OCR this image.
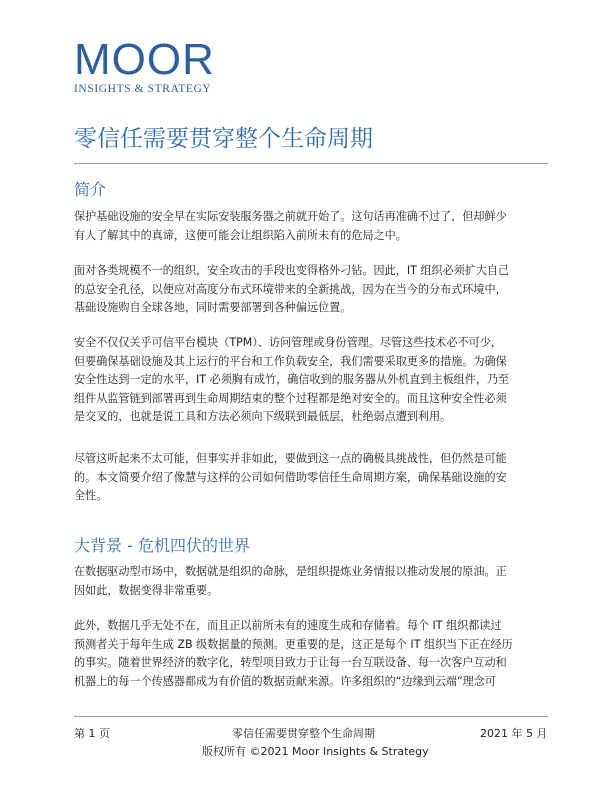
MOOR
INSIGHTS & STRATEGY
零信任需要贯穿整个生命周期
简介
保护基础设施的安全早在实际安装服务器之前就开始了。这句话再准确不过了，但却鲜少
有人了解其中的真谛，这便可能会让组织陷入前所未有的危局之中。
面对各类规模不一的组织，安全攻击的手段也变得格外刁钻。因此，IT 组织必须扩大自己
的总安全孔径，以便应对高度分布式环境带来的全新挑战，因为在当今的分布式环境中，
基础设施购自全球各地，同时需要部署到各种偏远位置。
安全不仅仅关乎可信平台模块（TPM）、访问管理或身份管理。尽管这些技术必不可少，
但要确保基础设施及其上运行的平台和工作负载安全，我们需要采取更多的措施。为确保
安全性达到一定的水平，IT 必须胸有成竹，确信收到的服务器从外机直到主板组件，乃至
组件从监管链到部署再到生命周期结束的整个过程都是绝对安全的。而且这种安全性必须
是交叉的，也就是说工具和方法必须向下级联到最低层，杜绝弱点遭到利用。
尽管这听起来不太可能，但事实并非如此，要做到这一点的确极具挑战性，但仍然是可能
的。本文简要介绍了像慧与这样的公司如何借助零信任生命周期方案，确保基础设施的安
全性。
大背景 - 危机四伏的世界
在数据驱动型市场中，数据就是组织的命脉，是组织提炼业务情报以推动发展的原油。正
因如此，数据变得非常重要。
此外，数据几乎无处不在，而且正以前所未有的速度生成和存储着。每个 IT 组织都读过
预测者关于每年生成 ZB 级数据量的预测。更重要的是，这正是每个 IT 组织当下正在经历
的事实。随着世界经济的数字化，转型项目致力于让每一台互联设备、每一次客户互动和
机器上的每一个传感器都成为有价值的数据贡献来源。许多组织的“边缘到云端”理念可
第 1 页	零信任需要贯穿整个生命周期	2021 年 5 月
版权所有 ©2021 Moor Insights & Strategy
